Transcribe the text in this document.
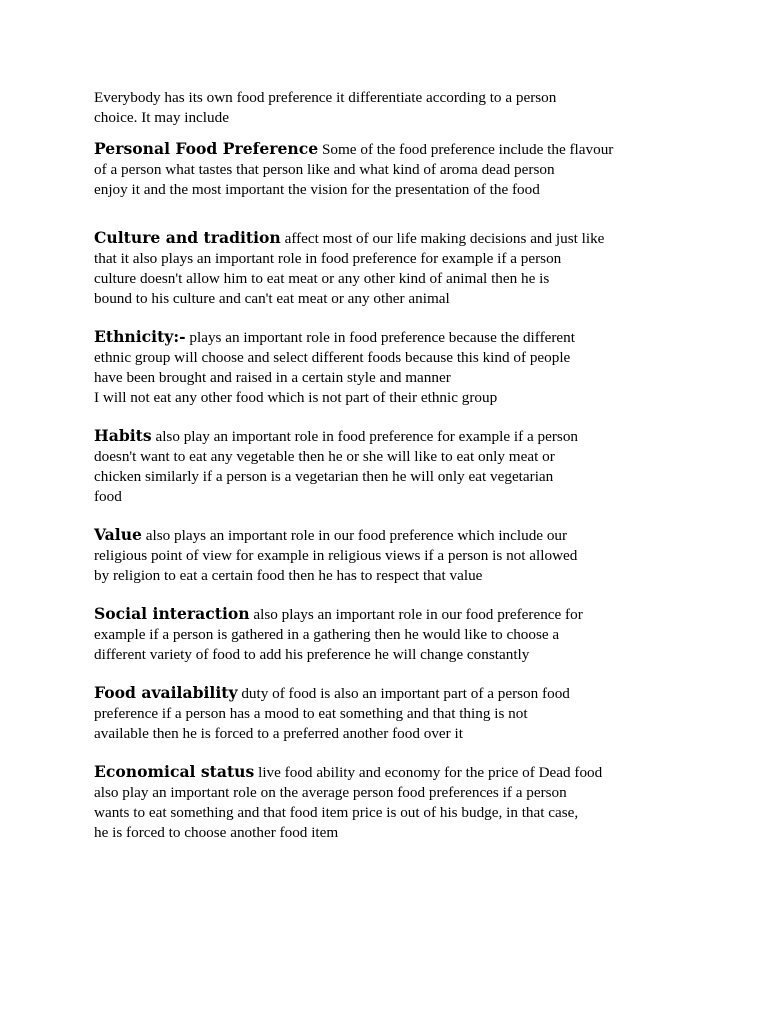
Everybody has its own food preference it differentiate according to a person
choice. It may include

Personal Food Preference Some of the food preference include the flavour
of a person what tastes that person like and what kind of aroma dead person
enjoy it and the most important the vision for the presentation of the food

Culture and tradition affect most of our life making decisions and just like
that it also plays an important role in food preference for example if a person
culture doesn't allow him to eat meat or any other kind of animal then he is
bound to his culture and can't eat meat or any other animal

Ethnicity:- plays an important role in food preference because the different
ethnic group will choose and select different foods because this kind of people
have been brought and raised in a certain style and manner
I will not eat any other food which is not part of their ethnic group

Habits also play an important role in food preference for example if a person
doesn't want to eat any vegetable then he or she will like to eat only meat or
chicken similarly if a person is a vegetarian then he will only eat vegetarian
food

Value also plays an important role in our food preference which include our
religious point of view for example in religious views if a person is not allowed
by religion to eat a certain food then he has to respect that value

Social interaction also plays an important role in our food preference for
example if a person is gathered in a gathering then he would like to choose a
different variety of food to add his preference he will change constantly

Food availability duty of food is also an important part of a person food
preference if a person has a mood to eat something and that thing is not
available then he is forced to a preferred another food over it

Economical status live food ability and economy for the price of Dead food
also play an important role on the average person food preferences if a person
wants to eat something and that food item price is out of his budge, in that case,
he is forced to choose another food item
